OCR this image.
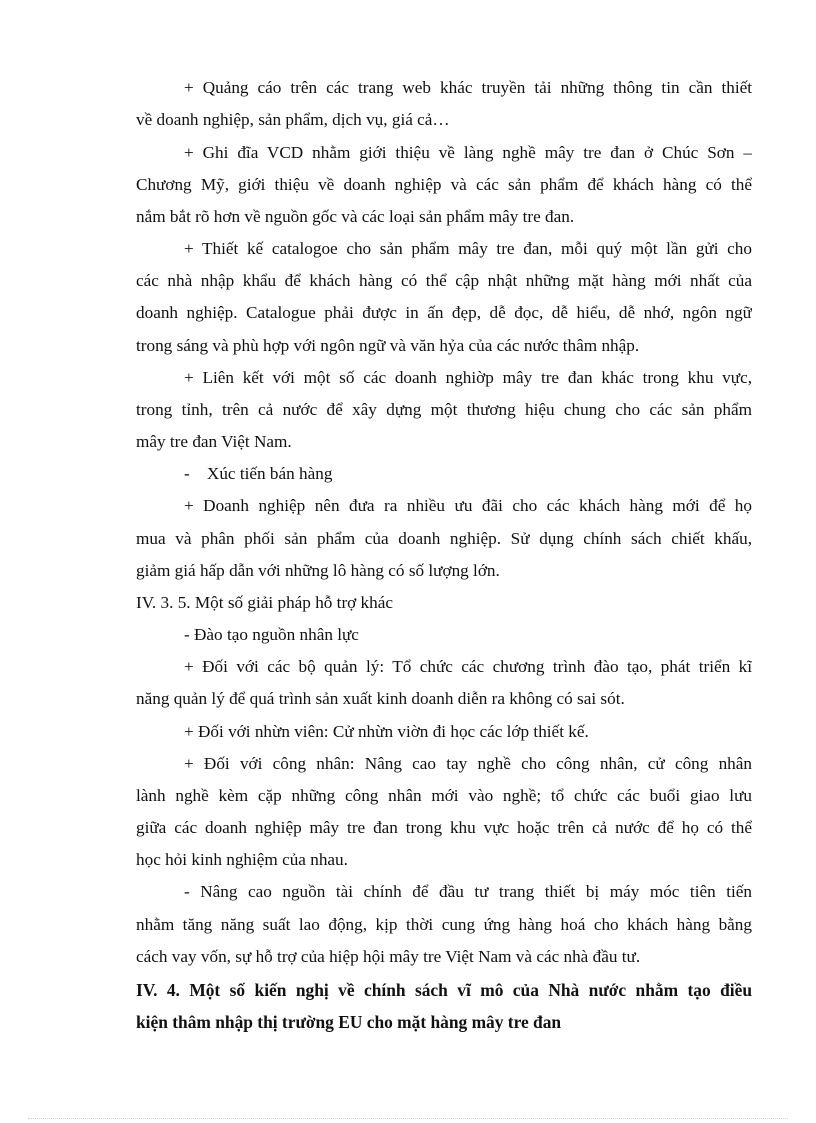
+ Quảng cáo trên các trang web khác truyền tải những thông tin cần thiết
về doanh nghiệp, sản phẩm, dịch vụ, giá cả…
+ Ghi đĩa VCD nhằm giới thiệu về làng nghề mây tre đan ở Chúc Sơn –
Chương Mỹ, giới thiệu về doanh nghiệp và các sản phẩm để khách hàng có thể
nắm bắt rõ hơn về nguồn gốc và các loại sản phẩm mây tre đan.
+ Thiết kế catalogoe cho sản phẩm mây tre đan, mỗi quý một lần gửi cho
các nhà nhập khẩu để khách hàng có thể cập nhật những mặt hàng mới nhất của
doanh nghiệp. Catalogue phải được in ấn đẹp, dễ đọc, dễ hiểu, dễ nhớ, ngôn ngữ
trong sáng và phù hợp với ngôn ngữ và văn hỷa của các nước thâm nhập.
+ Liên kết với một số các doanh nghiờp mây tre đan khác trong khu vực,
trong tỉnh, trên cả nước để xây dựng một thương hiệu chung cho các sản phẩm
mây tre đan Việt Nam.
-    Xúc tiến bán hàng
+ Doanh nghiệp nên đưa ra nhiều ưu đãi cho các khách hàng mới để họ
mua và phân phối sản phẩm của doanh nghiệp. Sử dụng chính sách chiết khấu,
giảm giá hấp dẫn với những lô hàng có số lượng lớn.
IV. 3. 5. Một số giải pháp hỗ trợ khác
- Đào tạo nguồn nhân lực
+ Đối với các bộ quản lý: Tổ chức các chương trình đào tạo, phát triển kĩ
năng quản lý để quá trình sản xuất kinh doanh diễn ra không có sai sót.
+ Đối với nhừn viên: Cử nhừn viờn đi học các lớp thiết kế.
+ Đối với công nhân: Nâng cao tay nghề cho công nhân, cử công nhân
lành nghề kèm cặp những công nhân mới vào nghề; tổ chức các buổi giao lưu
giữa các doanh nghiệp mây tre đan trong khu vực hoặc trên cả nước để họ có thể
học hỏi kinh nghiệm của nhau.
- Nâng cao nguồn tài chính để đầu tư trang thiết bị máy móc tiên tiến
nhằm tăng năng suất lao động, kịp thời cung ứng hàng hoá cho khách hàng bằng
cách vay vốn, sự hỗ trợ của hiệp hội mây tre Việt Nam và các nhà đầu tư.
IV. 4. Một số kiến nghị về chính sách vĩ mô của Nhà nước nhằm tạo điều
kiện thâm nhập thị trường EU cho mặt hàng mây tre đan
